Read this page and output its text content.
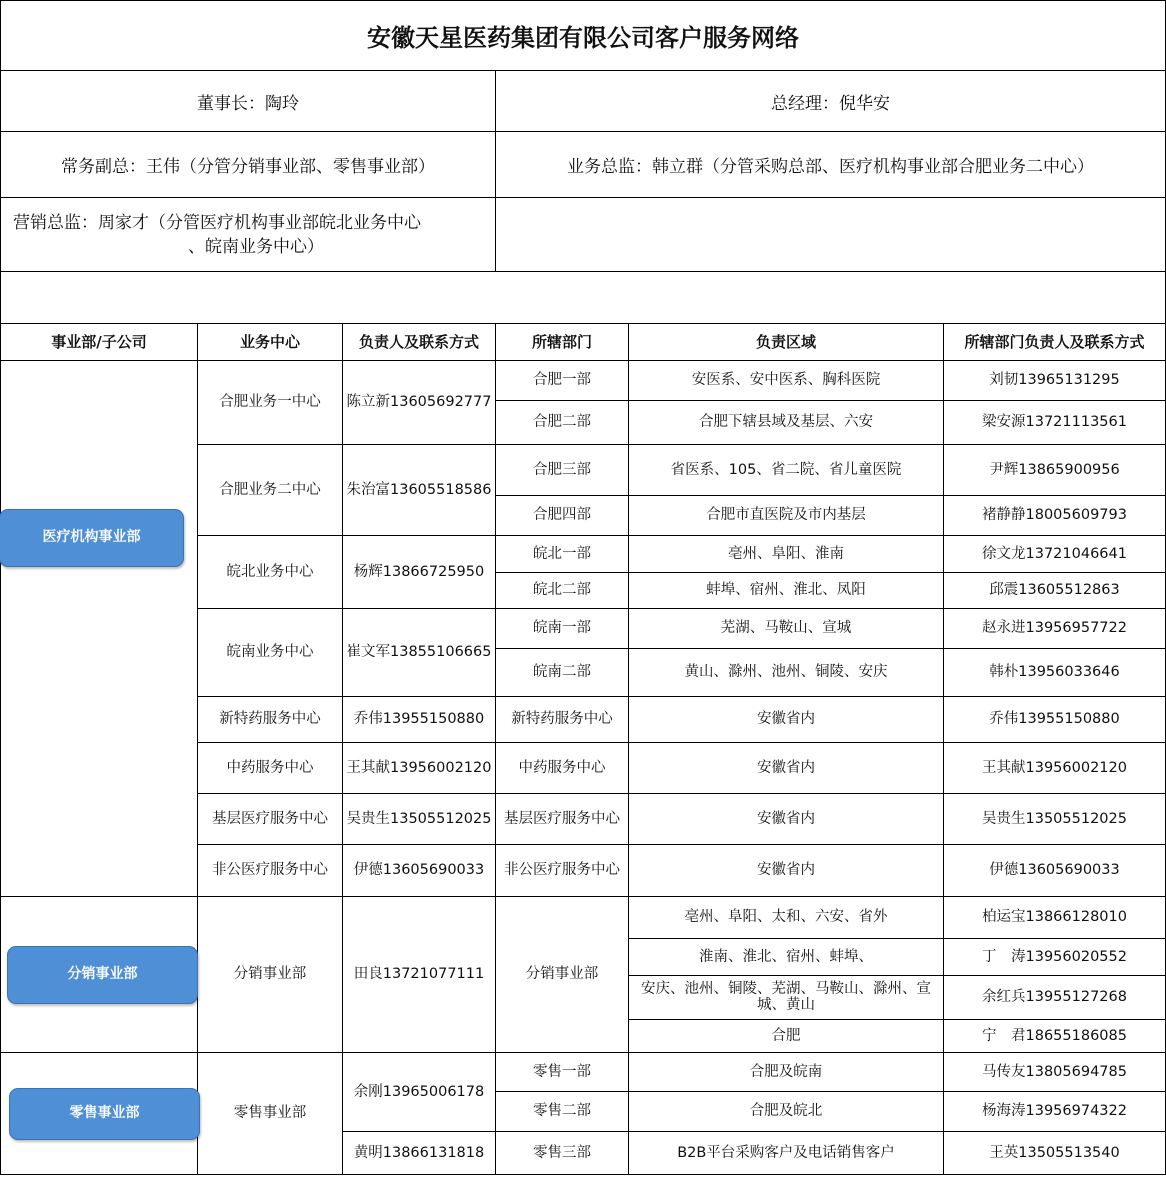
安徽天星医药集团有限公司客户服务网络
董事长：陶玲	总经理：倪华安
常务副总：王伟（分管分销事业部、零售事业部）	业务总监：韩立群（分管采购总部、医疗机构事业部合肥业务二中心）
营销总监：周家才（分管医疗机构事业部皖北业务中心
、皖南业务中心）
事业部/子公司	业务中心	负责人及联系方式	所辖部门	负责区域	所辖部门负责人及联系方式

医疗机构事业部	合肥业务一中心	陈立新13605692777	合肥一部	安医系、安中医系、胸科医院	刘韧13965131295
			合肥二部	合肥下辖县域及基层、六安	梁安源13721113561
	合肥业务二中心	朱治富13605518586	合肥三部	省医系、105、省二院、省儿童医院	尹辉13865900956
			合肥四部	合肥市直医院及市内基层	褚静静18005609793
	皖北业务中心	杨辉13866725950	皖北一部	亳州、阜阳、淮南	徐文龙13721046641
			皖北二部	蚌埠、宿州、淮北、凤阳	邱震13605512863
	皖南业务中心	崔文军13855106665	皖南一部	芜湖、马鞍山、宣城	赵永进13956957722
			皖南二部	黄山、滁州、池州、铜陵、安庆	韩朴13956033646
	新特药服务中心	乔伟13955150880	新特药服务中心	安徽省内	乔伟13955150880
	中药服务中心	王其献13956002120	中药服务中心	安徽省内	王其献13956002120
	基层医疗服务中心	吴贵生13505512025	基层医疗服务中心	安徽省内	吴贵生13505512025
	非公医疗服务中心	伊德13605690033	非公医疗服务中心	安徽省内	伊德13605690033

分销事业部	分销事业部	田良13721077111	分销事业部	亳州、阜阳、太和、六安、省外	柏运宝13866128010
				淮南、淮北、宿州、蚌埠、	丁　涛13956020552
				安庆、池州、铜陵、芜湖、马鞍山、滁州、宣城、黄山	余红兵13955127268
				合肥	宁　君18655186085

零售事业部	零售事业部	余刚13965006178	零售一部	合肥及皖南	马传友13805694785
			零售二部	合肥及皖北	杨海涛13956974322
		黄明13866131818	零售三部	B2B平台采购客户及电话销售客户	王英13505513540
